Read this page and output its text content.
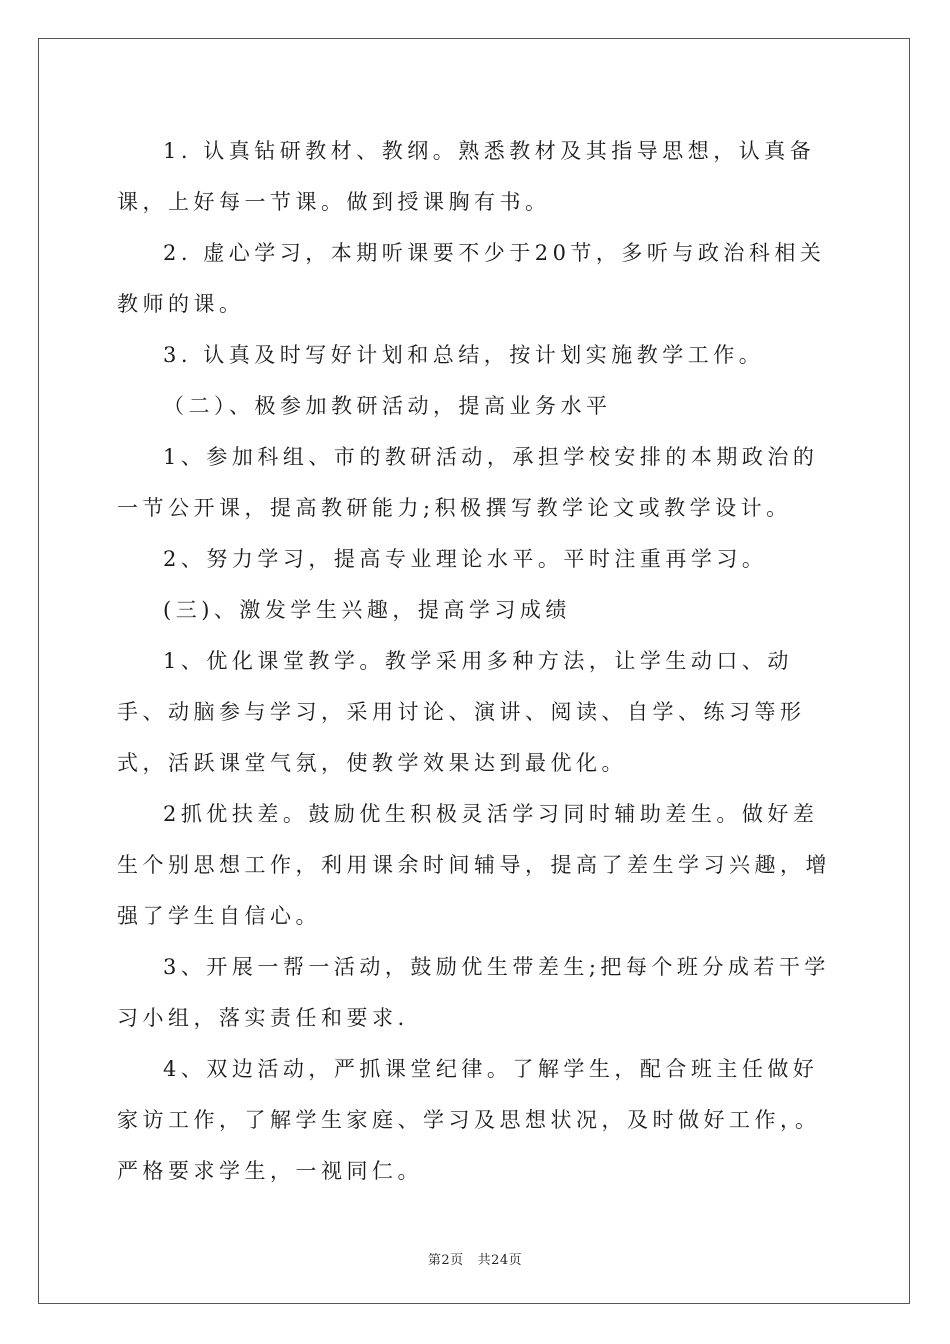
1. 认真钻研教材、教纲。熟悉教材及其指导思想，认真备课，上好每一节课。做到授课胸有书。

2. 虚心学习，本期听课要不少于20节，多听与政治科相关教师的课。

3. 认真及时写好计划和总结，按计划实施教学工作。

（二）、极参加教研活动，提高业务水平

1、参加科组、市的教研活动，承担学校安排的本期政治的一节公开课，提高教研能力;积极撰写教学论文或教学设计。

2、努力学习，提高专业理论水平。平时注重再学习。

(三)、激发学生兴趣，提高学习成绩

1、优化课堂教学。教学采用多种方法，让学生动口、动手、动脑参与学习，采用讨论、演讲、阅读、自学、练习等形式，活跃课堂气氛，使教学效果达到最优化。

2抓优扶差。鼓励优生积极灵活学习同时辅助差生。做好差生个别思想工作，利用课余时间辅导，提高了差生学习兴趣，增强了学生自信心。

3、开展一帮一活动，鼓励优生带差生;把每个班分成若干学习小组，落实责任和要求.

4、双边活动，严抓课堂纪律。了解学生，配合班主任做好家访工作，了解学生家庭、学习及思想状况，及时做好工作，。严格要求学生，一视同仁。

第2页 共24页
